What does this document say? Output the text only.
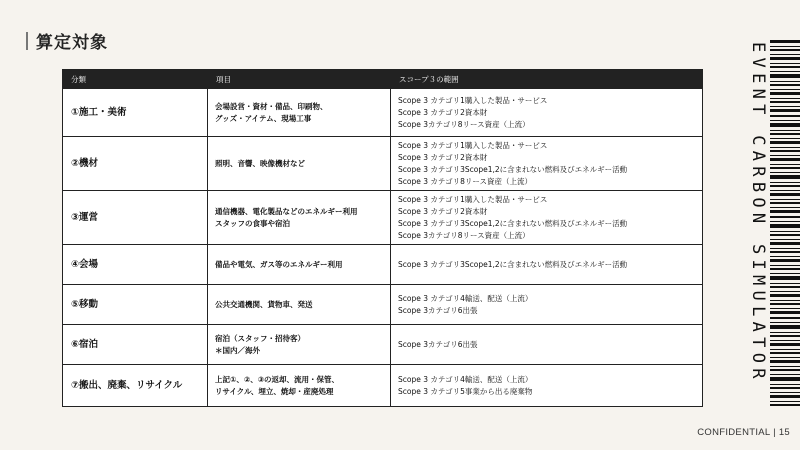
算定対象
分類	項目	スコープ３の範囲
①施工・美術	会場設営・資材・備品、印刷物、
グッズ・アイテム、現場工事	Scope 3 カテゴリ1購入した製品・サービス
Scope 3 カテゴリ2資本財
Scope 3カテゴリ8リース資産（上流）

②機材	照明、音響、映像機材など	Scope 3 カテゴリ1購入した製品・サービス
Scope 3 カテゴリ2資本財
Scope 3 カテゴリ3Scope1,2に含まれない燃料及びエネルギー活動
Scope 3 カテゴリ8リース資産（上流）

③運営	通信機器、電化製品などのエネルギー利用
スタッフの食事や宿泊	Scope 3 カテゴリ1購入した製品・サービス
Scope 3 カテゴリ2資本財
Scope 3 カテゴリ3Scope1,2に含まれない燃料及びエネルギー活動
Scope 3カテゴリ8リース資産（上流）

④会場	備品や電気、ガス等のエネルギー利用	Scope 3 カテゴリ3Scope1,2に含まれない燃料及びエネルギー活動

⑤移動	公共交通機関、貨物車、発送	Scope 3 カテゴリ4輸送、配送（上流）
Scope 3カテゴリ6出張

⑥宿泊	宿泊（スタッフ・招待客）
＊国内／海外	Scope 3カテゴリ6出張

⑦搬出、廃棄、リサイクル	上記①、②、③の返却、流用・保管、
リサイクル、埋立、焼却・産廃処理	Scope 3 カテゴリ4輸送、配送（上流）
Scope 3 カテゴリ5事業から出る廃棄物
EVENT CARBON SIMULATOR
CONFIDENTIAL | 15
